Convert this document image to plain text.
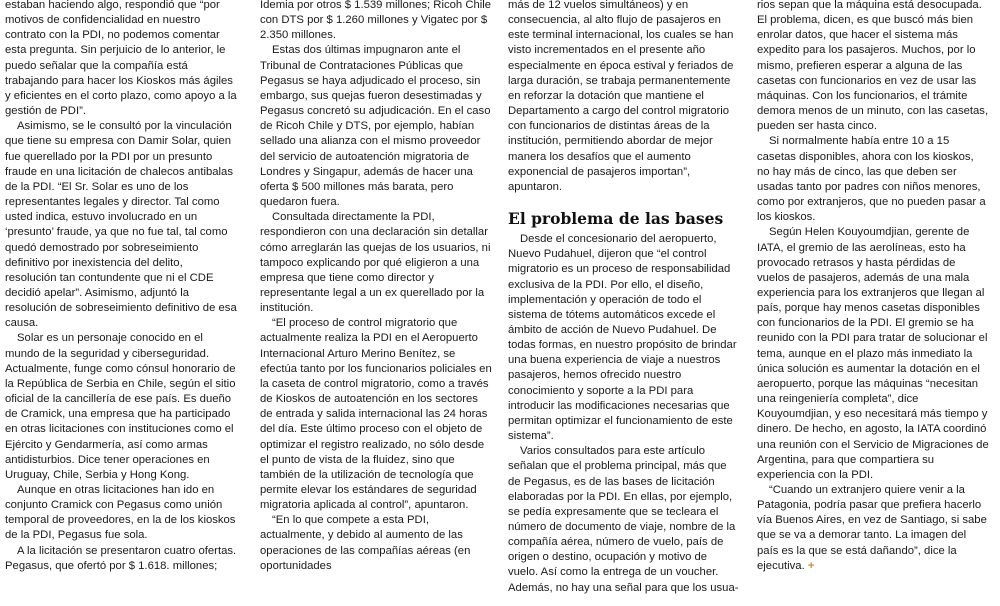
estaban haciendo algo, respondió que “por motivos de confidencialidad en nuestro contrato con la PDI, no podemos comentar esta pregunta. Sin perjuicio de lo anterior, le puedo señalar que la compañía está trabajando para hacer los Kioskos más ágiles y eficientes en el corto plazo, como apoyo a la gestión de PDI”.

Asimismo, se le consultó por la vinculación que tiene su empresa con Damir Solar, quien fue querellado por la PDI por un presunto fraude en una licitación de chalecos antibalas de la PDI. “El Sr. Solar es uno de los representantes legales y director. Tal como usted indica, estuvo involucrado en un ‘presunto’ fraude, ya que no fue tal, tal como quedó demostrado por sobreseimiento definitivo por inexistencia del delito, resolución tan contundente que ni el CDE decidió apelar”. Asimismo, adjuntó la resolución de sobreseimiento definitivo de esa causa.

Solar es un personaje conocido en el mundo de la seguridad y ciberseguridad. Actualmente, funge como cónsul honorario de la República de Serbia en Chile, según el sitio oficial de la cancillería de ese país. Es dueño de Cramick, una empresa que ha participado en otras licitaciones con instituciones como el Ejército y Gendarmería, así como armas antidisturbios. Dice tener operaciones en Uruguay, Chile, Serbia y Hong Kong.

Aunque en otras licitaciones han ido en conjunto Cramick con Pegasus como unión temporal de proveedores, en la de los kioskos de la PDI, Pegasus fue sola.

A la licitación se presentaron cuatro ofertas. Pegasus, que ofertó por $ 1.618. millones;

Idemia por otros $ 1.539 millones; Ricoh Chile con DTS por $ 1.260 millones y Vigatec por $ 2.350 millones.

Estas dos últimas impugnaron ante el Tribunal de Contrataciones Públicas que Pegasus se haya adjudicado el proceso, sin embargo, sus quejas fueron desestimadas y Pegasus concretó su adjudicación. En el caso de Ricoh Chile y DTS, por ejemplo, habían sellado una alianza con el mismo proveedor del servicio de autoatención migratoria de Londres y Singapur, además de hacer una oferta $ 500 millones más barata, pero quedaron fuera.

Consultada directamente la PDI, respondieron con una declaración sin detallar cómo arreglarán las quejas de los usuarios, ni tampoco explicando por qué eligieron a una empresa que tiene como director y representante legal a un ex querellado por la institución.

“El proceso de control migratorio que actualmente realiza la PDI en el Aeropuerto Internacional Arturo Merino Benítez, se efectúa tanto por los funcionarios policiales en la caseta de control migratorio, como a través de Kioskos de autoatención en los sectores de entrada y salida internacional las 24 horas del día. Este último proceso con el objeto de optimizar el registro realizado, no sólo desde el punto de vista de la fluidez, sino que también de la utilización de tecnología que permite elevar los estándares de seguridad migratoria aplicada al control”, apuntaron.

“En lo que compete a esta PDI, actualmente, y debido al aumento de las operaciones de las compañías aéreas (en oportunidades

más de 12 vuelos simultáneos) y en consecuencia, al alto flujo de pasajeros en este terminal internacional, los cuales se han visto incrementados en el presente año especialmente en época estival y feriados de larga duración, se trabaja permanentemente en reforzar la dotación que mantiene el Departamento a cargo del control migratorio con funcionarios de distintas áreas de la institución, permitiendo abordar de mejor manera los desafíos que el aumento exponencial de pasajeros importan”, apuntaron.

El problema de las bases

Desde el concesionario del aeropuerto, Nuevo Pudahuel, dijeron que “el control migratorio es un proceso de responsabilidad exclusiva de la PDI. Por ello, el diseño, implementación y operación de todo el sistema de tótems automáticos excede el ámbito de acción de Nuevo Pudahuel. De todas formas, en nuestro propósito de brindar una buena experiencia de viaje a nuestros pasajeros, hemos ofrecido nuestro conocimiento y soporte a la PDI para introducir las modificaciones necesarias que permitan optimizar el funcionamiento de este sistema”.

Varios consultados para este artículo señalan que el problema principal, más que de Pegasus, es de las bases de licitación elaboradas por la PDI. En ellas, por ejemplo, se pedía expresamente que se tecleara el número de documento de viaje, nombre de la compañía aérea, número de vuelo, país de origen o destino, ocupación y motivo de vuelo. Así como la entrega de un voucher. Además, no hay una señal para que los usua-

rios sepan que la máquina está desocupada. El problema, dicen, es que buscó más bien enrolar datos, que hacer el sistema más expedito para los pasajeros. Muchos, por lo mismo, prefieren esperar a alguna de las casetas con funcionarios en vez de usar las máquinas. Con los funcionarios, el trámite demora menos de un minuto, con las casetas, pueden ser hasta cinco.

Si normalmente había entre 10 a 15 casetas disponibles, ahora con los kioskos, no hay más de cinco, las que deben ser usadas tanto por padres con niños menores, como por extranjeros, que no pueden pasar a los kioskos.

Según Helen Kouyoumdjian, gerente de IATA, el gremio de las aerolíneas, esto ha provocado retrasos y hasta pérdidas de vuelos de pasajeros, además de una mala experiencia para los extranjeros que llegan al país, porque hay menos casetas disponibles con funcionarios de la PDI. El gremio se ha reunido con la PDI para tratar de solucionar el tema, aunque en el plazo más inmediato la única solución es aumentar la dotación en el aeropuerto, porque las máquinas “necesitan una reingeniería completa”, dice Kouyoumdjian, y eso necesitará más tiempo y dinero. De hecho, en agosto, la IATA coordinó una reunión con el Servicio de Migraciones de Argentina, para que compartiera su experiencia con la PDI.

“Cuando un extranjero quiere venir a la Patagonia, podría pasar que prefiera hacerlo vía Buenos Aires, en vez de Santiago, si sabe que se va a demorar tanto. La imagen del país es la que se está dañando”, dice la ejecutiva. +
